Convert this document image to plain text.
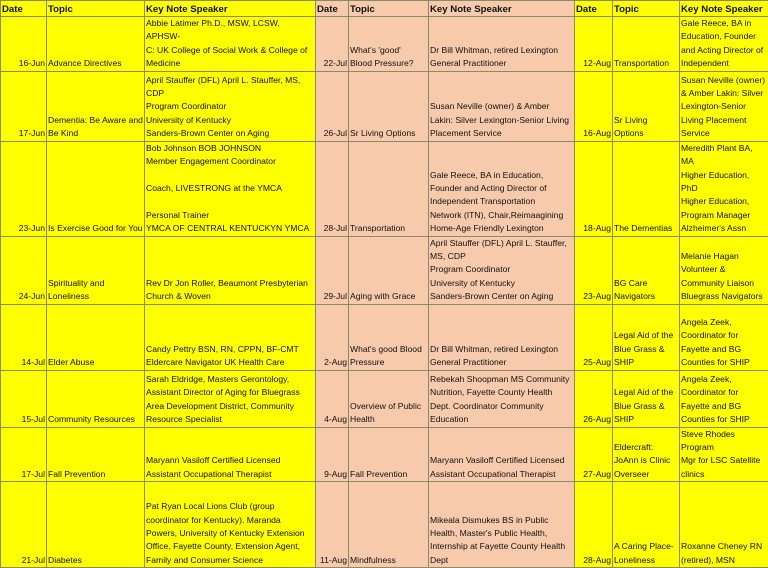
Date	Topic	Key Note Speaker	Date	Topic	Key Note Speaker	Date	Topic	Key Note Speaker
16-Jun	Advance Directives	Abbie Latimer Ph.D., MSW, LCSW, APHSW-
C: UK College of Social Work & College of
Medicine	22-Jul	What's 'good'
Blood Pressure?	Dr Bill Whitman, retired Lexington
General Practitioner	12-Aug	Transportation	Gale Reece, BA in
Education, Founder
and Acting Director of
Independent

17-Jun	Dementia: Be Aware and
Be Kind	April Stauffer (DFL) April L. Stauffer, MS,
CDP
Program Coordinator
University of Kentucky
Sanders-Brown Center on Aging	26-Jul	Sr Living Options	Susan Neville (owner) & Amber
Lakin: Silver Lexington-Senior Living
Placement Service	16-Aug	Sr Living
Options	Susan Neville (owner)
& Amber Lakin: Silver
Lexington-Senior
Living Placement
Service
23-Jun	Is Exercise Good for You	Bob Johnson BOB JOHNSON
Member Engagement Coordinator

Coach, LIVESTRONG at the YMCA

Personal Trainer
YMCA OF CENTRAL KENTUCKYN YMCA	28-Jul	Transportation	Gale Reece, BA in Education,
Founder and Acting Director of
Independent Transportation
Network (ITN), Chair,Reimaagining
Home-Age Friendly Lexington	18-Aug	The Dementias	Meredith Plant BA, MA
Higher Education, PhD
Higher Education,
Program Manager
Alzheimer's Assn
24-Jun	Spirituality and
Loneliness	Rev Dr Jon Roller, Beaumont Presbyterian
Church & Woven	29-Jul	Aging with Grace	April Stauffer (DFL) April L. Stauffer,
MS, CDP
Program Coordinator
University of Kentucky
Sanders-Brown Center on Aging	23-Aug	BG Care
Navigators	Melanie Hagan
Volunteer &
Community Liaison
Bluegrass Navigators
14-Jul	Elder Abuse	Candy Pettry BSN, RN, CPPN, BF-CMT
Eldercare Navigator UK Health Care	2-Aug	What's good Blood
Pressure	Dr Bill Whitman, retired Lexington General Practitioner	25-Aug	Legal Aid of the
Blue Grass &
SHIP	Angela Zeek,
Coordinator for
Fayette and BG
Counties for SHIP
15-Jul	Community Resources	Sarah Eldridge, Masters Gerontology,
Assistant Director of Aging for Bluegrass
Area Development District, Community
Resource Specialist	4-Aug	Overview of Public
Health	Rebekah Shoopman MS Community
Nutrition, Fayette County Health
Dept. Coordinator Community
Education	26-Aug	Legal Aid of the
Blue Grass &
SHIP	Angela Zeek,
Coordinator for
Fayette and BG
Counties for SHIP
17-Jul	Fall Prevention	Maryann Vasiloff Certified Licensed
Assistant Occupational Therapist	9-Aug	Fall Prevention	Maryann Vasiloff Certified Licensed
Assistant Occupational Therapist	27-Aug	Eldercraft:
JoAnn is Clinic
Overseer	Steve Rhodes Program
Mgr for LSC Satellite
clinics
21-Jul	Diabetes	Pat Ryan Local Lions Club (group
coordinator for Kentucky). Maranda
Powers, University of Kentucky Extension
Office, Fayette County, Extension Agent,
Family and Consumer Science	11-Aug	Mindfulness	Mikeala Dismukes BS in Public
Health, Master's Public Health,
Internship at Fayette County Health
Dept	28-Aug	A Caring Place-
Loneliness	Roxanne Cheney RN
(retired), MSN
